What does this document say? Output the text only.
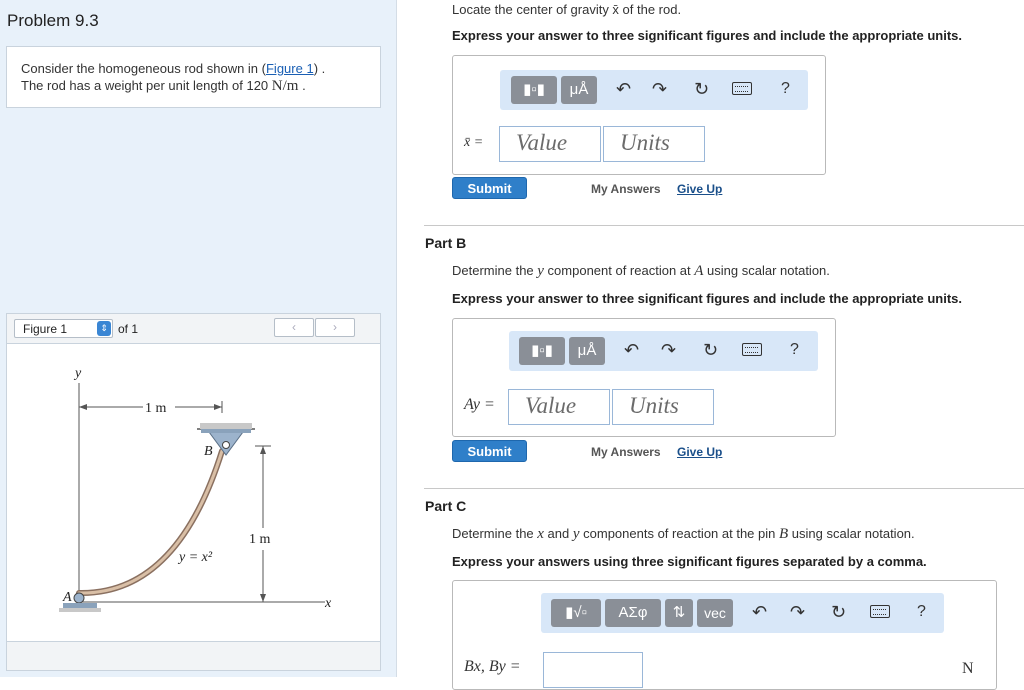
Problem 9.3
Consider the homogeneous rod shown in (Figure 1) .
The rod has a weight per unit length of 120 N/m .
Figure 1	⇕ of 1	‹	›
y
x
1 m
1 m
B
A
y = x²
Locate the center of gravity x̄ of the rod.
Express your answer to three significant figures and include the appropriate units.
▮▫▮	μÅ	↶ ↷ ↻	?
x̄ =	Value	Units
Submit	My Answers Give Up
Part B
Determine the y component of reaction at A using scalar notation.
Express your answer to three significant figures and include the appropriate units.
▮▫▮	μÅ	↶ ↷ ↻	?
Ay =	Value	Units
Submit	My Answers Give Up
Part C
Determine the x and y components of reaction at the pin B using scalar notation.
Express your answers using three significant figures separated by a comma.
▮√▫	ΑΣφ	⇅	vec	↶ ↷ ↻	?
Bx, By =	N
